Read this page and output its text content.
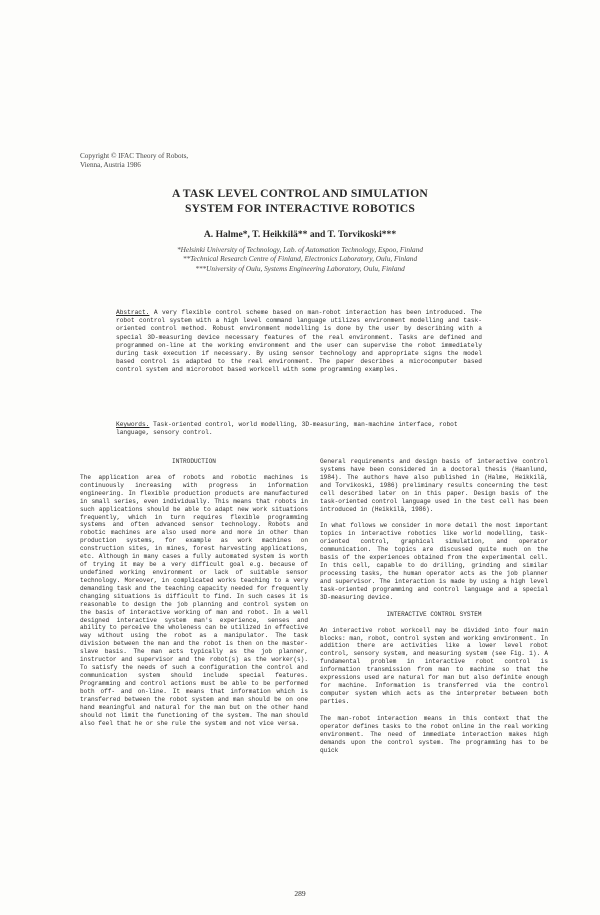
Copyright © IFAC Theory of Robots,
Vienna, Austria 1986
A TASK LEVEL CONTROL AND SIMULATION
SYSTEM FOR INTERACTIVE ROBOTICS
A. Halme*, T. Heikkilä** and T. Torvikoski***
*Helsinki University of Technology, Lab. of Automation Technology, Espoo, Finland
**Technical Research Centre of Finland, Electronics Laboratory, Oulu, Finland
***University of Oulu, Systems Engineering Laboratory, Oulu, Finland
Abstract. A very flexible control scheme based on man-robot interaction has been introduced. The robot control system with a high level command language utilizes environment modelling and task-oriented control method. Robust environment modelling is done by the user by describing with a special 3D-measuring device necessary features of the real environment. Tasks are defined and programmed on-line at the working environment and the user can supervise the robot immediately during task execution if necessary. By using sensor technology and appropriate signs the model based control is adapted to the real environment. The paper describes a microcomputer based control system and microrobot based workcell with some programming examples.
Keywords. Task-oriented control, world modelling, 3D-measuring, man-machine interface, robot language, sensory control.
INTRODUCTION
The application area of robots and robotic machines is continuously increasing with progress in information engineering. In flexible production products are manufactured in small series, even individually. This means that robots in such applications should be able to adapt new work situations frequently, which in turn requires flexible programming systems and often advanced sensor technology. Robots and robotic machines are also used more and more in other than production systems, for example as work machines on construction sites, in mines, forest harvesting applications, etc. Although in many cases a fully automated system is worth of trying it may be a very difficult goal e.g. because of undefined working environment or lack of suitable sensor technology. Moreover, in complicated works teaching to a very demanding task and the teaching capacity needed for frequently changing situations is difficult to find. In such cases it is reasonable to design the job planning and control system on the basis of interactive working of man and robot. In a well designed interactive system man's experience, senses and ability to perceive the wholeness can be utilized in effective way without using the robot as a manipulator. The task division between the man and the robot is then on the master-slave basis. The man acts typically as the job planner, instructor and supervisor and the robot(s) as the worker(s). To satisfy the needs of such a configuration the control and communication system should include special features. Programming and control actions must be able to be performed both off- and on-line. It means that information which is transferred between the robot system and man should be on one hand meaningful and natural for the man but on the other hand should not limit the functioning of the system. The man should also feel that he or she rule the system and not vice versa.
General requirements and design basis of interactive control systems have been considered in a doctoral thesis (Haanlund, 1984). The authors have also published in (Halme, Heikkilä, and Torvikoski, 1986) preliminary results concerning the test cell described later on in this paper. Design basis of the task-oriented control language used in the test cell has been introduced in (Heikkilä, 1986).
In what follows we consider in more detail the most important topics in interactive robotics like world modelling, task-oriented control, graphical simulation, and operator communication. The topics are discussed quite much on the basis of the experiences obtained from the experimental cell. In this cell, capable to do drilling, grinding and similar processing tasks, the human operator acts as the job planner and supervisor. The interaction is made by using a high level task-oriented programming and control language and a special 3D-measuring device.
INTERACTIVE CONTROL SYSTEM
An interactive robot workcell may be divided into four main blocks: man, robot, control system and working environment. In addition there are activities like a lower level robot control, sensory system, and measuring system (see Fig. 1). A fundamental problem in interactive robot control is information transmission from man to machine so that the expressions used are natural for man but also definite enough for machine. Information is transferred via the control computer system which acts as the interpreter between both parties.
The man-robot interaction means in this context that the operator defines tasks to the robot online in the real working environment. The need of immediate interaction makes high demands upon the control system. The programming has to be quick
289
